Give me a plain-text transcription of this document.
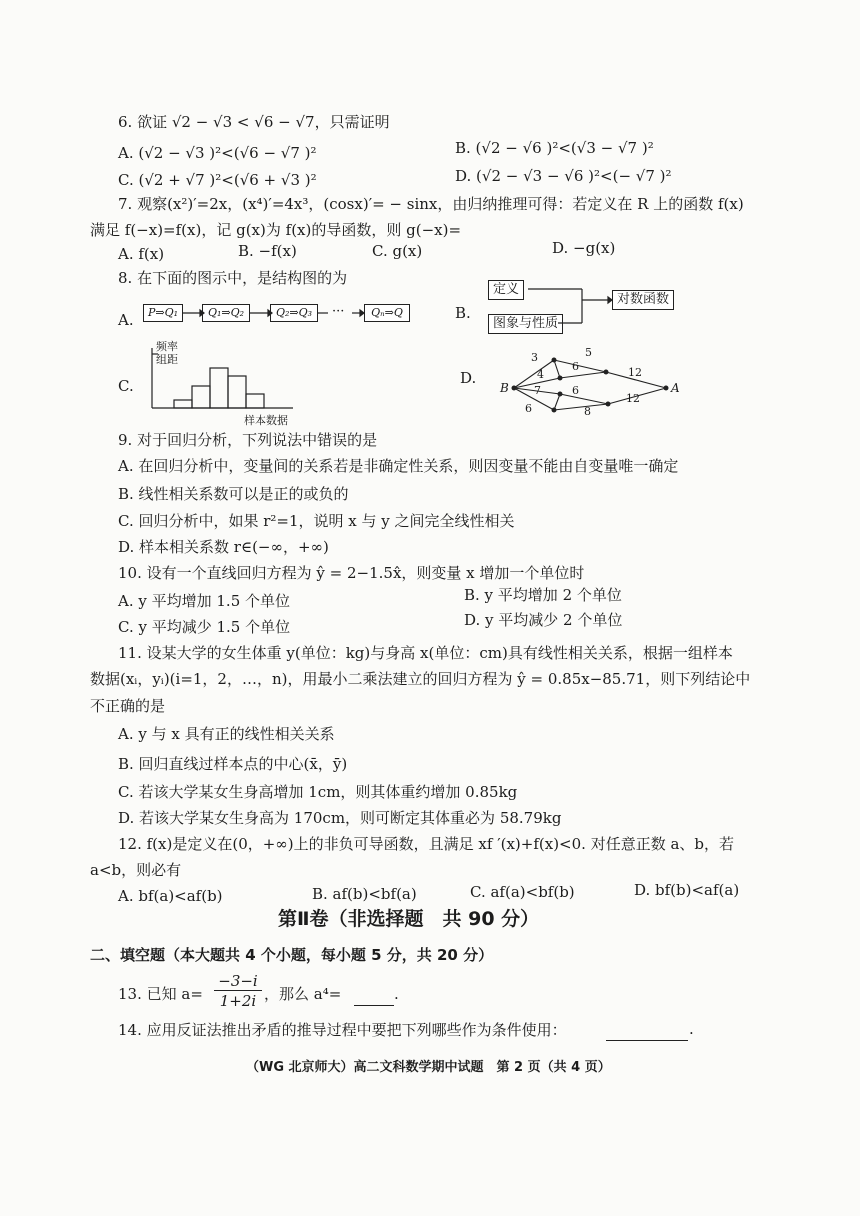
6. 欲证 √2 − √3 < √6 − √7，只需证明
A. (√2 − √3 )²<(√6 − √7 )²	B. (√2 − √6 )²<(√3 − √7 )²
C. (√2 + √7 )²<(√6 + √3 )²	D. (√2 − √3 − √6 )²<(− √7 )²
7. 观察(x²)′=2x，(x⁴)′=4x³，(cosx)′= − sinx，由归纳推理可得：若定义在 R 上的函数 f(x)
满足 f(−x)=f(x)，记 g(x)为 f(x)的导函数，则 g(−x)=
A. f(x)	B. −f(x)	C. g(x)	D. −g(x)
8. 在下面的图示中，是结构图的为
A.	P⇒Q₁	Q₁⇒Q₂	Q₂⇒Q₃	···	Qₙ⇒Q	B.
定义
图象与性质
对数函数
C.
频率
组距
样本数据
D.
B	A
3	5
4
6	12
7	6
6	8
12
9. 对于回归分析，下列说法中错误的是
A. 在回归分析中，变量间的关系若是非确定性关系，则因变量不能由自变量唯一确定
B. 线性相关系数可以是正的或负的
C. 回归分析中，如果 r²=1，说明 x 与 y 之间完全线性相关
D. 样本相关系数 r∈(−∞，+∞)
10. 设有一个直线回归方程为 ŷ = 2−1.5x̂，则变量 x 增加一个单位时
A. y 平均增加 1.5 个单位	B. y 平均增加 2 个单位
C. y 平均减少 1.5 个单位	D. y 平均减少 2 个单位
11. 设某大学的女生体重 y(单位：kg)与身高 x(单位：cm)具有线性相关关系，根据一组样本
数据(xᵢ，yᵢ)(i=1，2，…，n)，用最小二乘法建立的回归方程为 ŷ = 0.85x−85.71，则下列结论中
不正确的是
A. y 与 x 具有正的线性相关关系
B. 回归直线过样本点的中心(x̄，ȳ)
C. 若该大学某女生身高增加 1cm，则其体重约增加 0.85kg
D. 若该大学某女生身高为 170cm，则可断定其体重必为 58.79kg
12. f(x)是定义在(0，+∞)上的非负可导函数，且满足 xf ′(x)+f(x)<0. 对任意正数 a、b，若
a<b，则必有
A. bf(a)<af(b)	B. af(b)<bf(a)	C. af(a)<bf(b)	D. bf(b)<af(a)
第Ⅱ卷（非选择题　共 90 分）
二、填空题（本大题共 4 个小题，每小题 5 分，共 20 分）
13. 已知 $a= \frac{-3-i}{1+2i}$ ，那么 a⁴=	.
14. 应用反证法推出矛盾的推导过程中要把下列哪些作为条件使用：	.
（WG 北京师大）高二文科数学期中试题　第 2 页（共 4 页）
